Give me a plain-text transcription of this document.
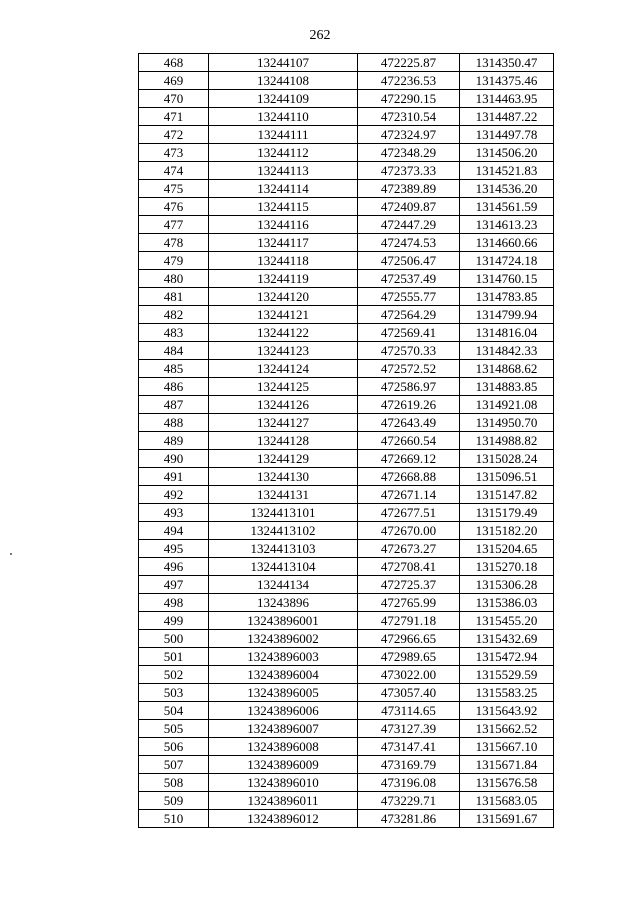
262
468	13244107	472225.87	1314350.47
469	13244108	472236.53	1314375.46
470	13244109	472290.15	1314463.95
471	13244110	472310.54	1314487.22
472	13244111	472324.97	1314497.78
473	13244112	472348.29	1314506.20
474	13244113	472373.33	1314521.83
475	13244114	472389.89	1314536.20
476	13244115	472409.87	1314561.59
477	13244116	472447.29	1314613.23
478	13244117	472474.53	1314660.66
479	13244118	472506.47	1314724.18
480	13244119	472537.49	1314760.15
481	13244120	472555.77	1314783.85
482	13244121	472564.29	1314799.94
483	13244122	472569.41	1314816.04
484	13244123	472570.33	1314842.33
485	13244124	472572.52	1314868.62
486	13244125	472586.97	1314883.85
487	13244126	472619.26	1314921.08
488	13244127	472643.49	1314950.70
489	13244128	472660.54	1314988.82
490	13244129	472669.12	1315028.24
491	13244130	472668.88	1315096.51
492	13244131	472671.14	1315147.82
493	1324413101	472677.51	1315179.49
494	1324413102	472670.00	1315182.20
495	1324413103	472673.27	1315204.65
496	1324413104	472708.41	1315270.18
497	13244134	472725.37	1315306.28
498	13243896	472765.99	1315386.03
499	13243896001	472791.18	1315455.20
500	13243896002	472966.65	1315432.69
501	13243896003	472989.65	1315472.94
502	13243896004	473022.00	1315529.59
503	13243896005	473057.40	1315583.25
504	13243896006	473114.65	1315643.92
505	13243896007	473127.39	1315662.52
506	13243896008	473147.41	1315667.10
507	13243896009	473169.79	1315671.84
508	13243896010	473196.08	1315676.58
509	13243896011	473229.71	1315683.05
510	13243896012	473281.86	1315691.67
